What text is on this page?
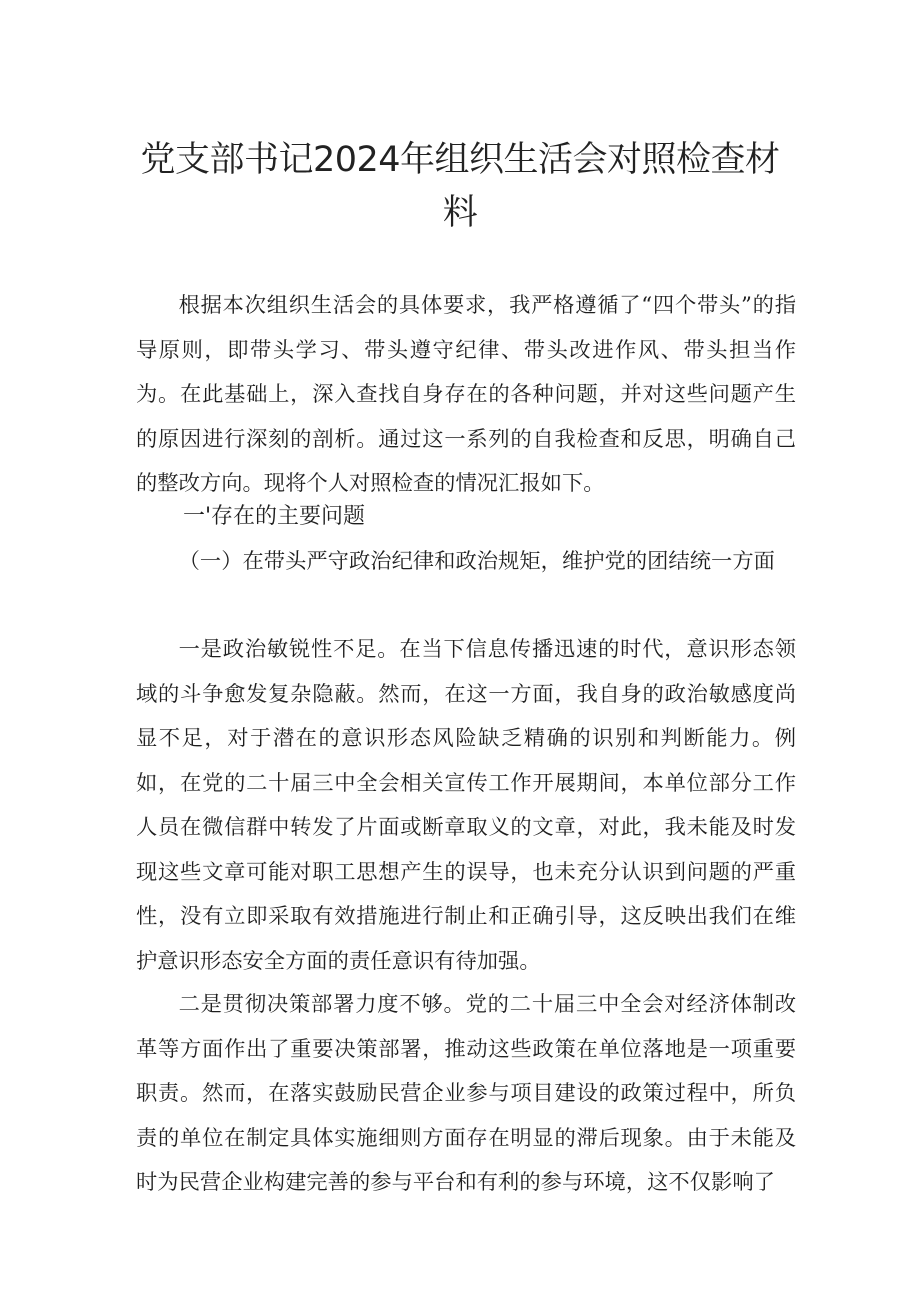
党支部书记2024年组织生活会对照检查材
料

根据本次组织生活会的具体要求，我严格遵循了“四个带头”的指导原则，即带头学习、带头遵守纪律、带头改进作风、带头担当作为。在此基础上，深入查找自身存在的各种问题，并对这些问题产生的原因进行深刻的剖析。通过这一系列的自我检查和反思，明确自己的整改方向。现将个人对照检查的情况汇报如下。

一'存在的主要问题

（一）在带头严守政治纪律和政治规矩，维护党的团结统一方面

一是政治敏锐性不足。在当下信息传播迅速的时代，意识形态领域的斗争愈发复杂隐蔽。然而，在这一方面，我自身的政治敏感度尚显不足，对于潜在的意识形态风险缺乏精确的识别和判断能力。例如，在党的二十届三中全会相关宣传工作开展期间，本单位部分工作人员在微信群中转发了片面或断章取义的文章，对此，我未能及时发现这些文章可能对职工思想产生的误导，也未充分认识到问题的严重性，没有立即采取有效措施进行制止和正确引导，这反映出我们在维护意识形态安全方面的责任意识有待加强。

二是贯彻决策部署力度不够。党的二十届三中全会对经济体制改革等方面作出了重要决策部署，推动这些政策在单位落地是一项重要职责。然而，在落实鼓励民营企业参与项目建设的政策过程中，所负责的单位在制定具体实施细则方面存在明显的滞后现象。由于未能及时为民营企业构建完善的参与平台和有利的参与环境，这不仅影响了
